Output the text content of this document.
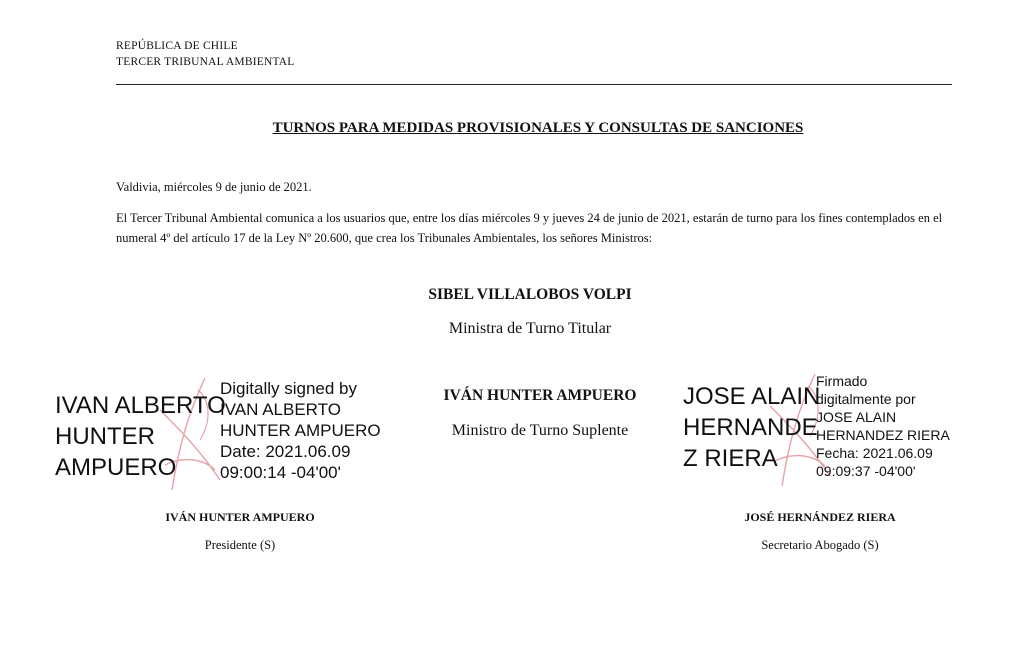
REPÚBLICA DE CHILE
TERCER TRIBUNAL AMBIENTAL
TURNOS PARA MEDIDAS PROVISIONALES Y CONSULTAS DE SANCIONES
Valdivia, miércoles 9 de junio de 2021.
El Tercer Tribunal Ambiental comunica a los usuarios que, entre los días miércoles 9 y jueves 24 de junio de 2021, estarán de turno para los fines contemplados en el numeral 4º del artículo 17 de la Ley Nº 20.600, que crea los Tribunales Ambientales, los señores Ministros:
SIBEL VILLALOBOS VOLPI
Ministra de Turno Titular
IVÁN HUNTER AMPUERO
Ministro de Turno Suplente
IVAN ALBERTO
HUNTER
AMPUERO
Digitally signed by
IVAN ALBERTO
HUNTER AMPUERO
Date: 2021.06.09
09:00:14 -04'00'
JOSE ALAIN
HERNANDE
Z RIERA
Firmado
digitalmente por
JOSE ALAIN
HERNANDEZ RIERA
Fecha: 2021.06.09
09:09:37 -04'00'
IVÁN HUNTER AMPUERO
Presidente (S)
JOSÉ HERNÁNDEZ RIERA
Secretario Abogado (S)
